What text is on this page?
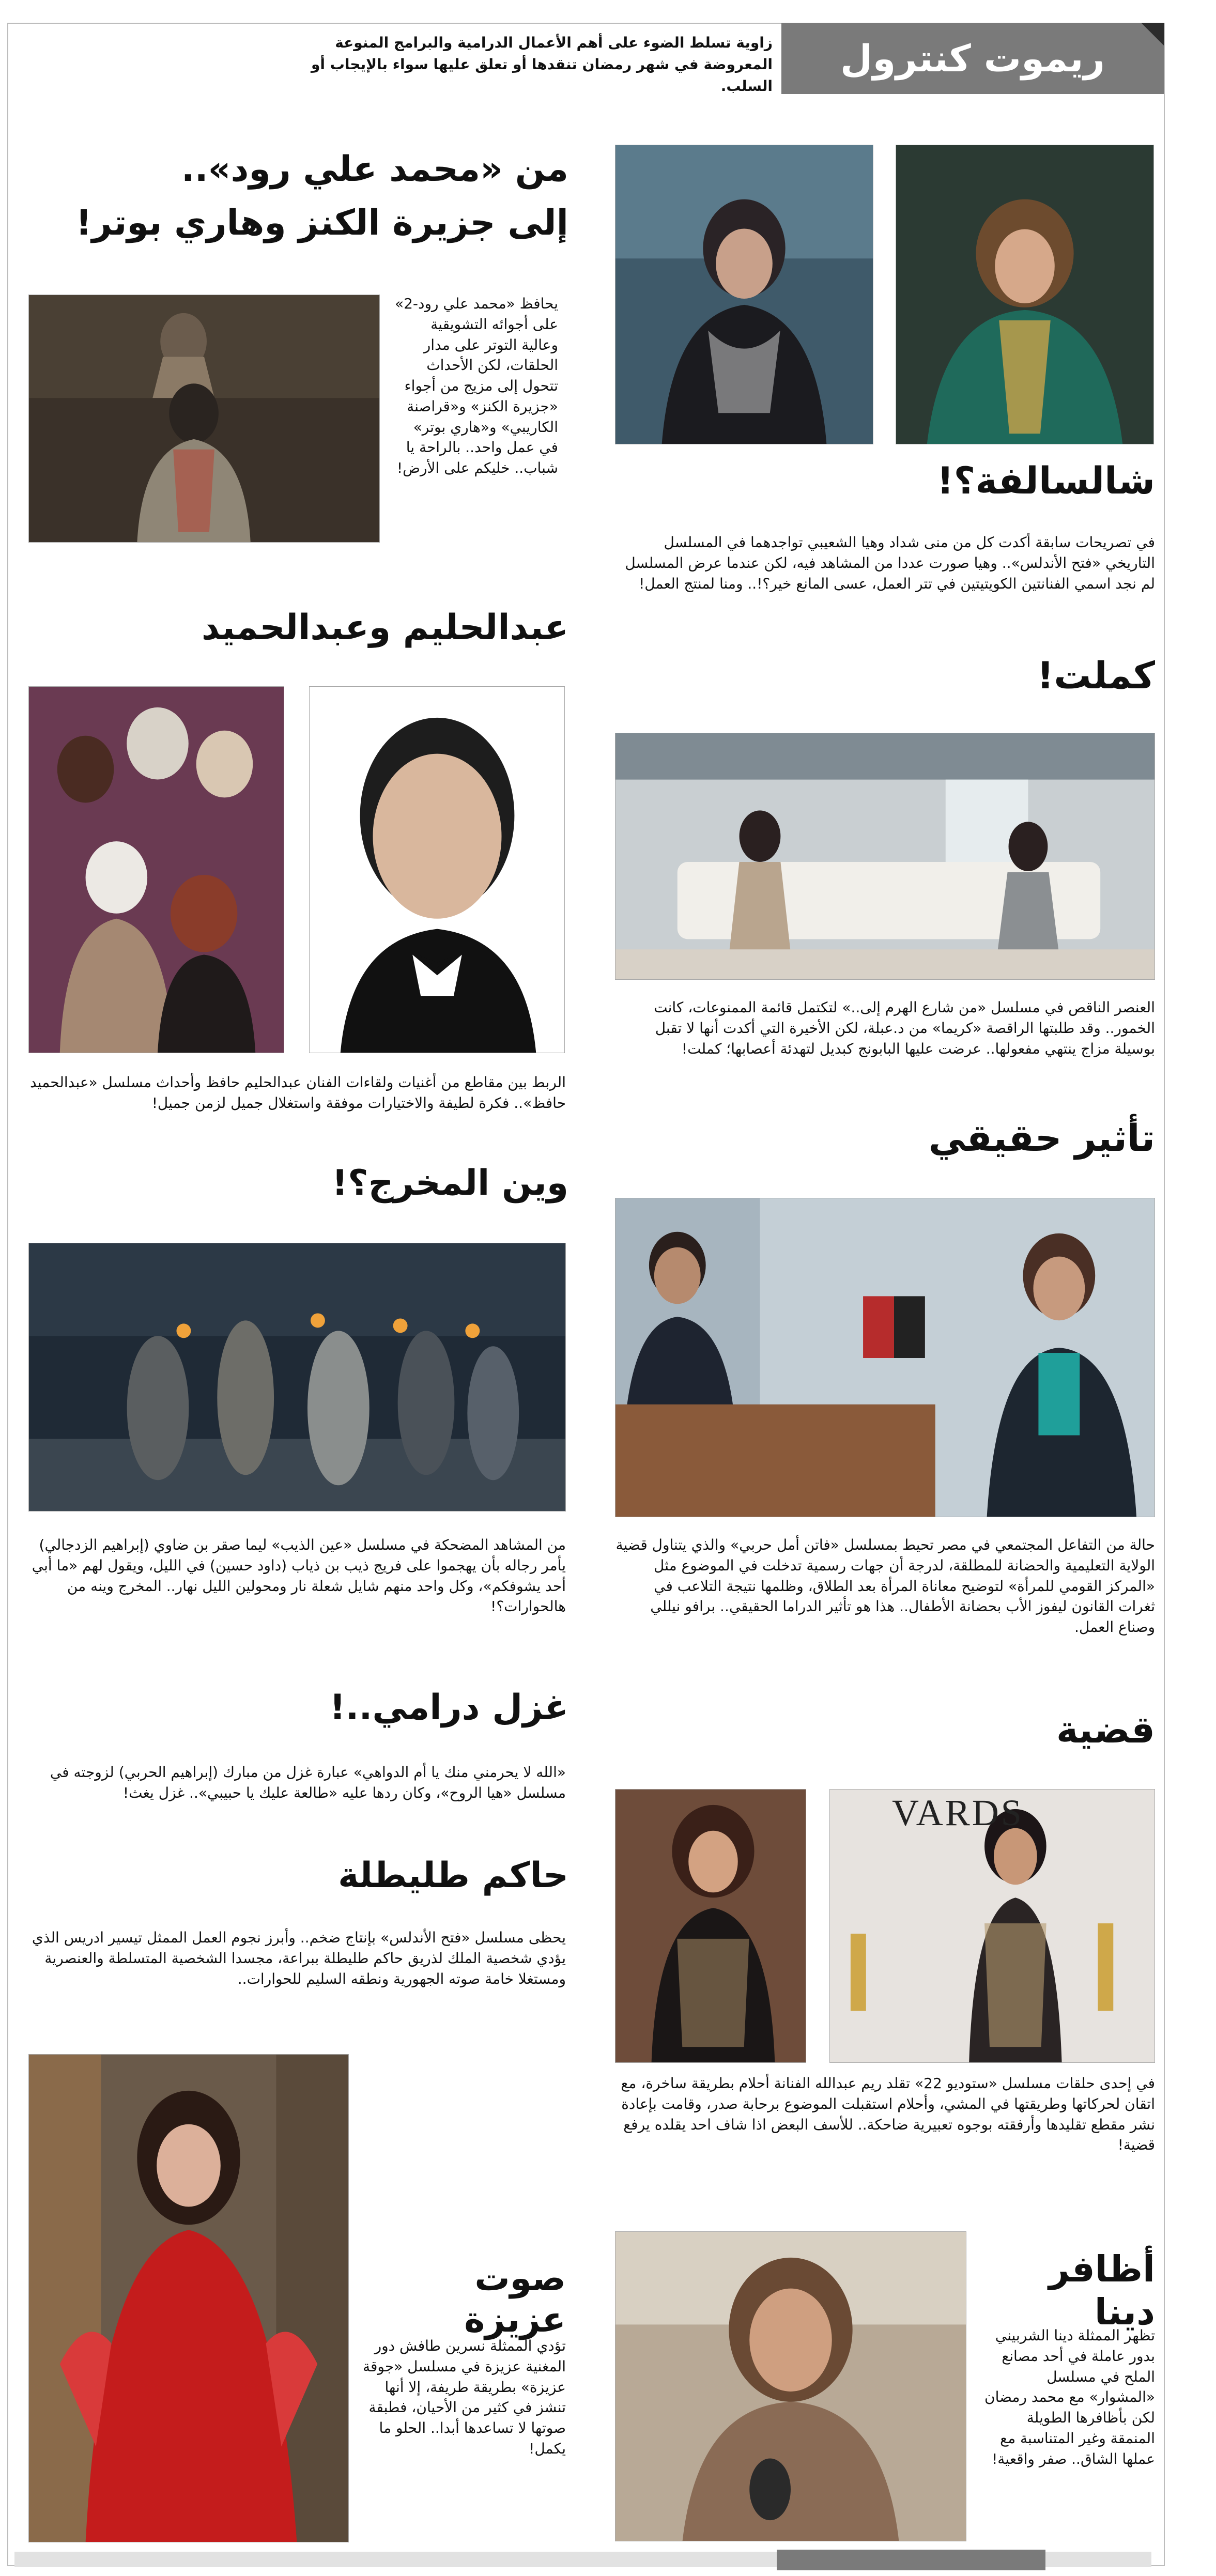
ريموت كنترول

زاوية تسلط الضوء على أهم الأعمال الدرامية والبرامج المنوعة المعروضة في شهر رمضان تنقدها أو تعلق عليها سواء بالإيجاب أو السلب.

شالسالفة؟!

في تصريحات سابقة أكدت كل من منى شداد وهيا الشعيبي تواجدهما في المسلسل التاريخي «فتح الأندلس».. وهيا صورت عددا من المشاهد فيه، لكن عندما عرض المسلسل لم نجد اسمي الفنانتين الكويتيتين في تتر العمل، عسى المانع خير؟!.. ومنا لمنتج العمل!

كملت!

العنصر الناقص في مسلسل «من شارع الهرم إلى..» لتكتمل قائمة الممنوعات، كانت الخمور.. وقد طلبتها الراقصة «كريما» من د.عبلة، لكن الأخيرة التي أكدت أنها لا تقبل بوسيلة مزاج ينتهي مفعولها.. عرضت عليها البابونج كبديل لتهدئة أعصابها؛ كملت!

تأثير حقيقي

حالة من التفاعل المجتمعي في مصر تحيط بمسلسل «فاتن أمل حربي» والذي يتناول قضية الولاية التعليمية والحضانة للمطلقة، لدرجة أن جهات رسمية تدخلت في الموضوع مثل «المركز القومي للمرأة» لتوضيح معاناة المرأة بعد الطلاق، وظلمها نتيجة التلاعب في ثغرات القانون ليفوز الأب بحضانة الأطفال.. هذا هو تأثير الدراما الحقيقي.. برافو نيللي وصناع العمل.

قضية

VARDS

في إحدى حلقات مسلسل «ستوديو 22» تقلد ريم عبدالله الفنانة أحلام بطريقة ساخرة، مع اتقان لحركاتها وطريقتها في المشي، وأحلام استقبلت الموضوع برحابة صدر، وقامت بإعادة نشر مقطع تقليدها وأرفقته بوجوه تعبيرية ضاحكة.. للأسف البعض اذا شاف احد يقلده يرفع قضية!

أظافر دينا

تظهر الممثلة دينا الشربيني بدور عاملة في أحد مصانع الملح في مسلسل «المشوار» مع محمد رمضان لكن بأظافرها الطويلة المنمقة وغير المتناسبة مع عملها الشاق.. صفر واقعية!

من «محمد علي رود»..

إلى جزيرة الكنز وهاري بوتر!

يحافظ «محمد علي رود-2» على أجوائه التشويقية وعالية التوتر على مدار الحلقات، لكن الأحداث تتحول إلى مزيج من أجواء «جزيرة الكنز» و«قراصنة الكاريبي» و«هاري بوتر» في عمل واحد.. بالراحة يا شباب.. خليكم على الأرض!

عبدالحليم وعبدالحميد

الربط بين مقاطع من أغنيات ولقاءات الفنان عبدالحليم حافظ وأحداث مسلسل «عبدالحميد حافظ».. فكرة لطيفة والاختيارات موفقة واستغلال جميل لزمن جميل!

وين المخرج؟!

من المشاهد المضحكة في مسلسل «عين الذيب» ليما صقر بن ضاوي (إبراهيم الزدجالي) يأمر رجاله بأن يهجموا على فريج ذيب بن ذياب (داود حسين) في الليل، ويقول لهم «ما أبي أحد يشوفكم»، وكل واحد منهم شايل شعلة نار ومحولين الليل نهار.. المخرج وينه من هالحوارات؟!

غزل درامي..!

«الله لا يحرمني منك يا أم الدواهي» عبارة غزل من مبارك (إبراهيم الحربي) لزوجته في مسلسل «هيا الروح»، وكان ردها عليه «طالعة عليك يا حبيبي».. غزل يغث!

حاكم طليطلة

يحظى مسلسل «فتح الأندلس» بإنتاج ضخم.. وأبرز نجوم العمل الممثل تيسير ادريس الذي يؤدي شخصية الملك لذريق حاكم طليطلة ببراعة، مجسدا الشخصية المتسلطة والعنصرية ومستغلا خامة صوته الجهورية ونطقه السليم للحوارات..

صوت عزيزة

تؤدي الممثلة نسرين طافش دور المغنية عزيزة في مسلسل «جوقة عزيزة» بطريقة طريفة، إلا أنها تنشز في كثير من الأحيان، فطبقة صوتها لا تساعدها أبدا.. الحلو ما يكمل!
